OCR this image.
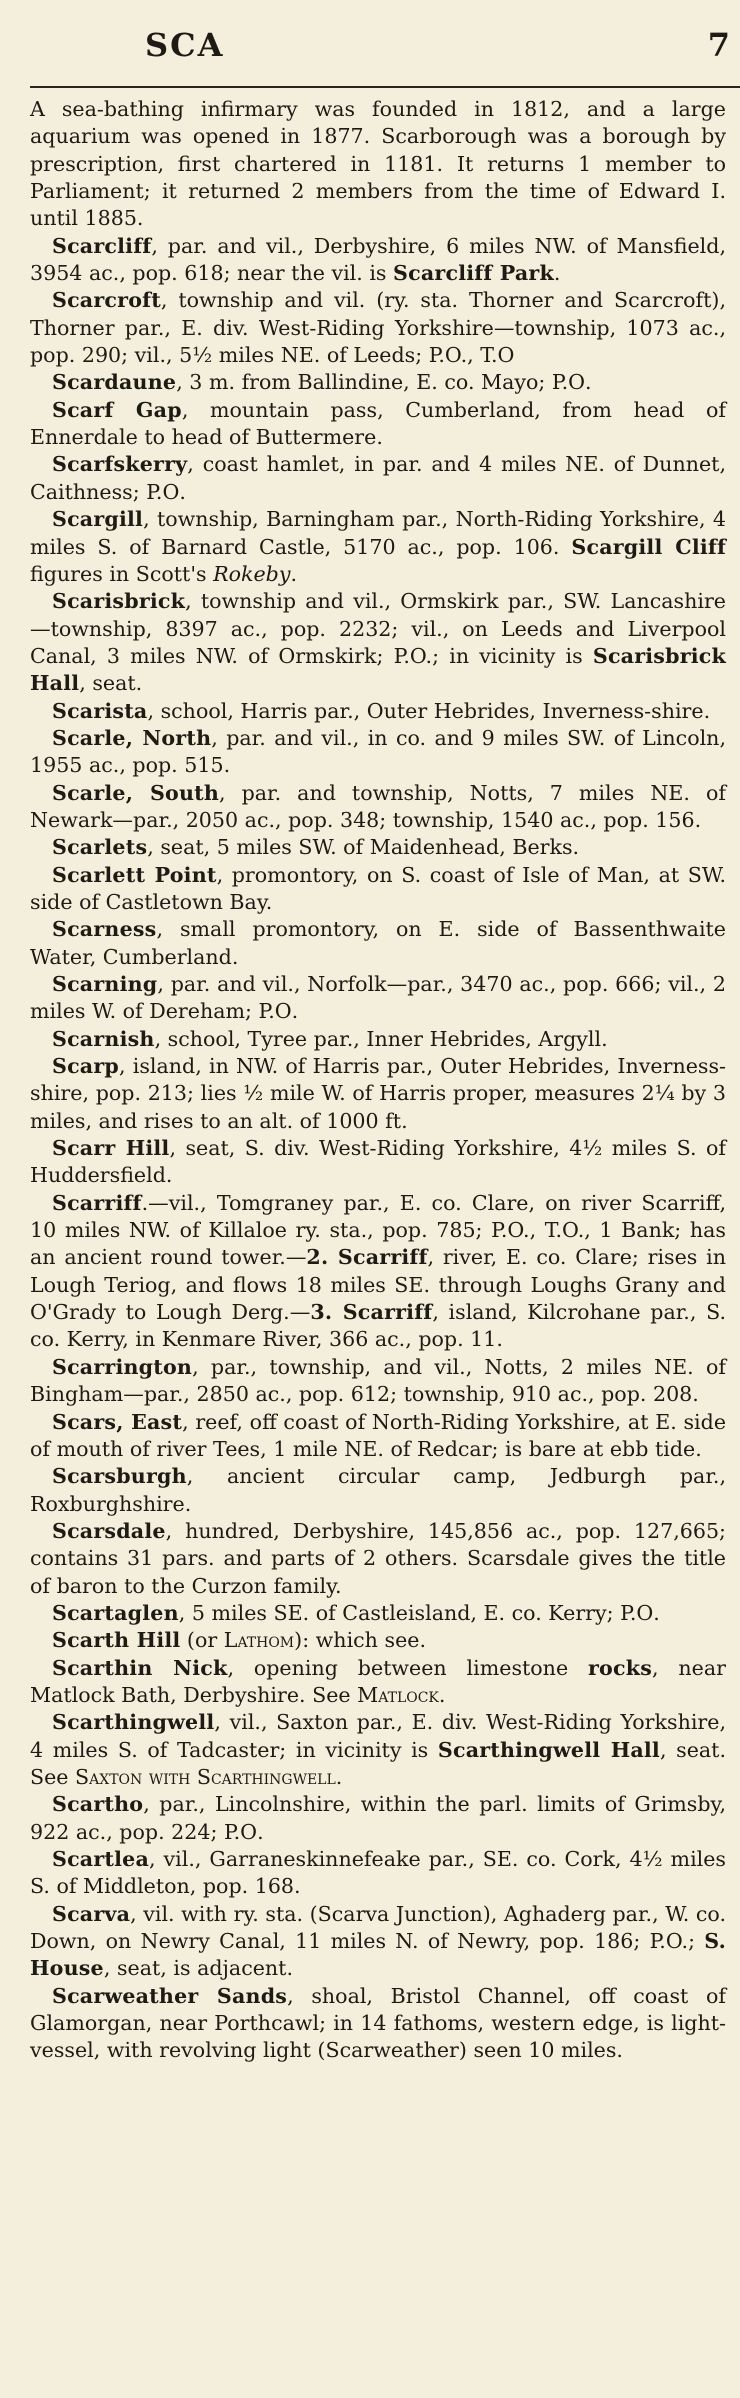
SCA	7

A sea-bathing infirmary was founded in 1812, and a large aquarium was opened in 1877. Scarborough was a borough by prescription, first chartered in 1181. It returns 1 member to Parliament; it returned 2 members from the time of Edward I. until 1885.

Scarcliff, par. and vil., Derbyshire, 6 miles NW. of Mansfield, 3954 ac., pop. 618; near the vil. is Scarcliff Park.

Scarcroft, township and vil. (ry. sta. Thorner and Scarcroft), Thorner par., E. div. West-Riding Yorkshire—township, 1073 ac., pop. 290; vil., 5½ miles NE. of Leeds; P.O., T.O

Scardaune, 3 m. from Ballindine, E. co. Mayo; P.O.

Scarf Gap, mountain pass, Cumberland, from head of Ennerdale to head of Buttermere.

Scarfskerry, coast hamlet, in par. and 4 miles NE. of Dunnet, Caithness; P.O.

Scargill, township, Barningham par., North-Riding Yorkshire, 4 miles S. of Barnard Castle, 5170 ac., pop. 106. Scargill Cliff figures in Scott's Rokeby.

Scarisbrick, township and vil., Ormskirk par., SW. Lancashire—township, 8397 ac., pop. 2232; vil., on Leeds and Liverpool Canal, 3 miles NW. of Ormskirk; P.O.; in vicinity is Scarisbrick Hall, seat.

Scarista, school, Harris par., Outer Hebrides, Inverness-shire.

Scarle, North, par. and vil., in co. and 9 miles SW. of Lincoln, 1955 ac., pop. 515.

Scarle, South, par. and township, Notts, 7 miles NE. of Newark—par., 2050 ac., pop. 348; township, 1540 ac., pop. 156.

Scarlets, seat, 5 miles SW. of Maidenhead, Berks.

Scarlett Point, promontory, on S. coast of Isle of Man, at SW. side of Castletown Bay.

Scarness, small promontory, on E. side of Bassenthwaite Water, Cumberland.

Scarning, par. and vil., Norfolk—par., 3470 ac., pop. 666; vil., 2 miles W. of Dereham; P.O.

Scarnish, school, Tyree par., Inner Hebrides, Argyll.

Scarp, island, in NW. of Harris par., Outer Hebrides, Inverness-shire, pop. 213; lies ½ mile W. of Harris proper, measures 2¼ by 3 miles, and rises to an alt. of 1000 ft.

Scarr Hill, seat, S. div. West-Riding Yorkshire, 4½ miles S. of Huddersfield.

Scarriff.—vil., Tomgraney par., E. co. Clare, on river Scarriff, 10 miles NW. of Killaloe ry. sta., pop. 785; P.O., T.O., 1 Bank; has an ancient round tower.—2. Scarriff, river, E. co. Clare; rises in Lough Teriog, and flows 18 miles SE. through Loughs Grany and O'Grady to Lough Derg.—3. Scarriff, island, Kilcrohane par., S. co. Kerry, in Kenmare River, 366 ac., pop. 11.

Scarrington, par., township, and vil., Notts, 2 miles NE. of Bingham—par., 2850 ac., pop. 612; township, 910 ac., pop. 208.

Scars, East, reef, off coast of North-Riding Yorkshire, at E. side of mouth of river Tees, 1 mile NE. of Redcar; is bare at ebb tide.

Scarsburgh, ancient circular camp, Jedburgh par., Roxburghshire.

Scarsdale, hundred, Derbyshire, 145,856 ac., pop. 127,665; contains 31 pars. and parts of 2 others. Scarsdale gives the title of baron to the Curzon family.

Scartaglen, 5 miles SE. of Castleisland, E. co. Kerry; P.O.

Scarth Hill (or Lathom): which see.

Scarthin Nick, opening between limestone rocks, near Matlock Bath, Derbyshire. See Matlock.

Scarthingwell, vil., Saxton par., E. div. West-Riding Yorkshire, 4 miles S. of Tadcaster; in vicinity is Scarthingwell Hall, seat. See Saxton with Scarthingwell.

Scartho, par., Lincolnshire, within the parl. limits of Grimsby, 922 ac., pop. 224; P.O.

Scartlea, vil., Garraneskinnefeake par., SE. co. Cork, 4½ miles S. of Middleton, pop. 168.

Scarva, vil. with ry. sta. (Scarva Junction), Aghaderg par., W. co. Down, on Newry Canal, 11 miles N. of Newry, pop. 186; P.O.; S. House, seat, is adjacent.

Scarweather Sands, shoal, Bristol Channel, off coast of Glamorgan, near Porthcawl; in 14 fathoms, western edge, is light-vessel, with revolving light (Scarweather) seen 10 miles.
